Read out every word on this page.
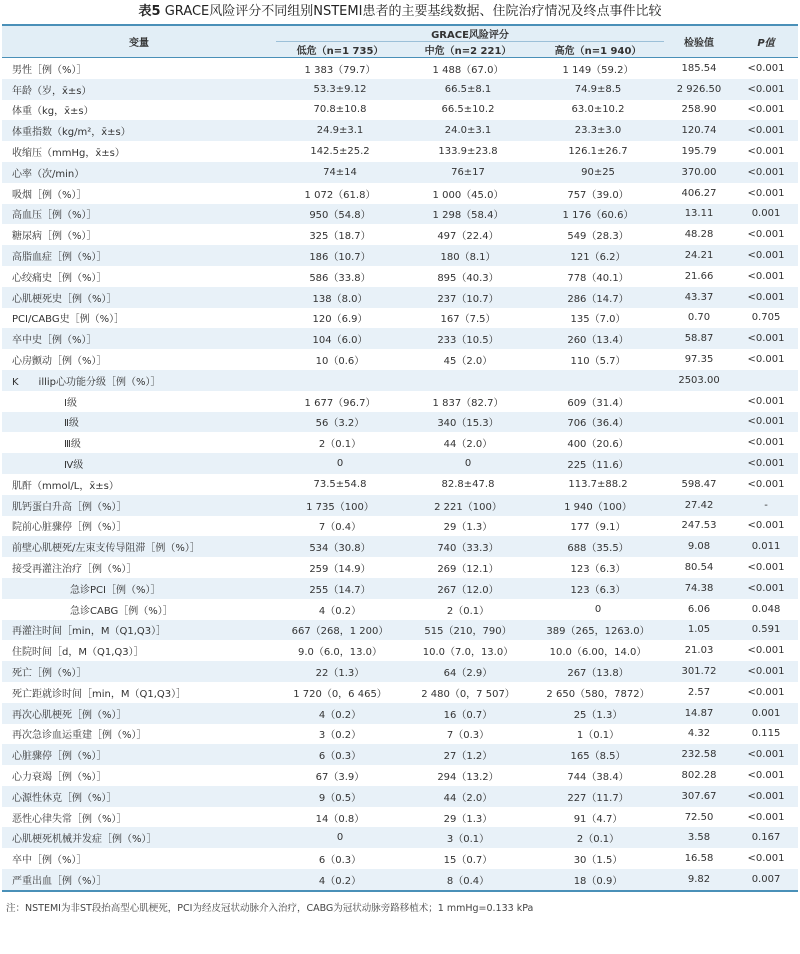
表5 GRACE风险评分不同组别NSTEMI患者的主要基线数据、住院治疗情况及终点事件比较
变量	GRACE风险评分			检验值	P值
	低危（n=1 735）	中危（n=2 221）	高危（n=1 940）		
男性［例（%）］	1 383（79.7）	1 488（67.0）	1 149（59.2）	185.54	<0.001
年龄（岁，x̄±s）	53.3±9.12	66.5±8.1	74.9±8.5	2 926.50	<0.001
体重（kg，x̄±s）	70.8±10.8	66.5±10.2	63.0±10.2	258.90	<0.001
体重指数（kg/m²，x̄±s）	24.9±3.1	24.0±3.1	23.3±3.0	120.74	<0.001
收缩压（mmHg，x̄±s）	142.5±25.2	133.9±23.8	126.1±26.7	195.79	<0.001
心率（次/min）	74±14	76±17	90±25	370.00	<0.001
吸烟［例（%）］	1 072（61.8）	1 000（45.0）	757（39.0）	406.27	<0.001
高血压［例（%）］	950（54.8）	1 298（58.4）	1 176（60.6）	13.11	0.001
糖尿病［例（%）］	325（18.7）	497（22.4）	549（28.3）	48.28	<0.001
高脂血症［例（%）］	186（10.7）	180（8.1）	121（6.2）	24.21	<0.001
心绞痛史［例（%）］	586（33.8）	895（40.3）	778（40.1）	21.66	<0.001
心肌梗死史［例（%）］	138（8.0）	237（10.7）	286（14.7）	43.37	<0.001
PCI/CABG史［例（%）］	120（6.9）	167（7.5）	135（7.0）	0.70	0.705
卒中史［例（%）］	104（6.0）	233（10.5）	260（13.4）	58.87	<0.001
心房颤动［例（%）］	10（0.6）	45（2.0）	110（5.7）	97.35	<0.001
K　　illip心功能分级［例（%）］				2503.00	
Ⅰ级	1 677（96.7）	1 837（82.7）	609（31.4）		<0.001
Ⅱ级	56（3.2）	340（15.3）	706（36.4）		<0.001
Ⅲ级	2（0.1）	44（2.0）	400（20.6）		<0.001
Ⅳ级	0	0	225（11.6）		<0.001
肌酐（mmol/L，x̄±s）	73.5±54.8	82.8±47.8	113.7±88.2	598.47	<0.001
肌钙蛋白升高［例（%）］	1 735（100）	2 221（100）	1 940（100）	27.42	-
院前心脏骤停［例（%）］	7（0.4）	29（1.3）	177（9.1）	247.53	<0.001
前壁心肌梗死/左束支传导阻滞［例（%）］	534（30.8）	740（33.3）	688（35.5）	9.08	0.011
接受再灌注治疗［例（%）］	259（14.9）	269（12.1）	123（6.3）	80.54	<0.001
急诊PCI［例（%）］	255（14.7）	267（12.0）	123（6.3）	74.38	<0.001
急诊CABG［例（%）］	4（0.2）	2（0.1）	0	6.06	0.048
再灌注时间［min，M（Q1,Q3）］	667（268，1 200）	515（210，790）	389（265，1263.0）	1.05	0.591
住院时间［d，M（Q1,Q3）］	9.0（6.0，13.0）	10.0（7.0，13.0）	10.0（6.00，14.0）	21.03	<0.001
死亡［例（%）］	22（1.3）	64（2.9）	267（13.8）	301.72	<0.001
死亡距就诊时间［min，M（Q1,Q3）］	1 720（0，6 465）	2 480（0，7 507）	2 650（580，7872）	2.57	<0.001
再次心肌梗死［例（%）］	4（0.2）	16（0.7）	25（1.3）	14.87	0.001
再次急诊血运重建［例（%）］	3（0.2）	7（0.3）	1（0.1）	4.32	0.115
心脏骤停［例（%）］	6（0.3）	27（1.2）	165（8.5）	232.58	<0.001
心力衰竭［例（%）］	67（3.9）	294（13.2）	744（38.4）	802.28	<0.001
心源性休克［例（%）］	9（0.5）	44（2.0）	227（11.7）	307.67	<0.001
恶性心律失常［例（%）］	14（0.8）	29（1.3）	91（4.7）	72.50	<0.001
心肌梗死机械并发症［例（%）］	0	3（0.1）	2（0.1）	3.58	0.167
卒中［例（%）］	6（0.3）	15（0.7）	30（1.5）	16.58	<0.001
严重出血［例（%）］	4（0.2）	8（0.4）	18（0.9）	9.82	0.007
注：NSTEMI为非ST段抬高型心肌梗死，PCI为经皮冠状动脉介入治疗，CABG为冠状动脉旁路移植术；1 mmHg=0.133 kPa
